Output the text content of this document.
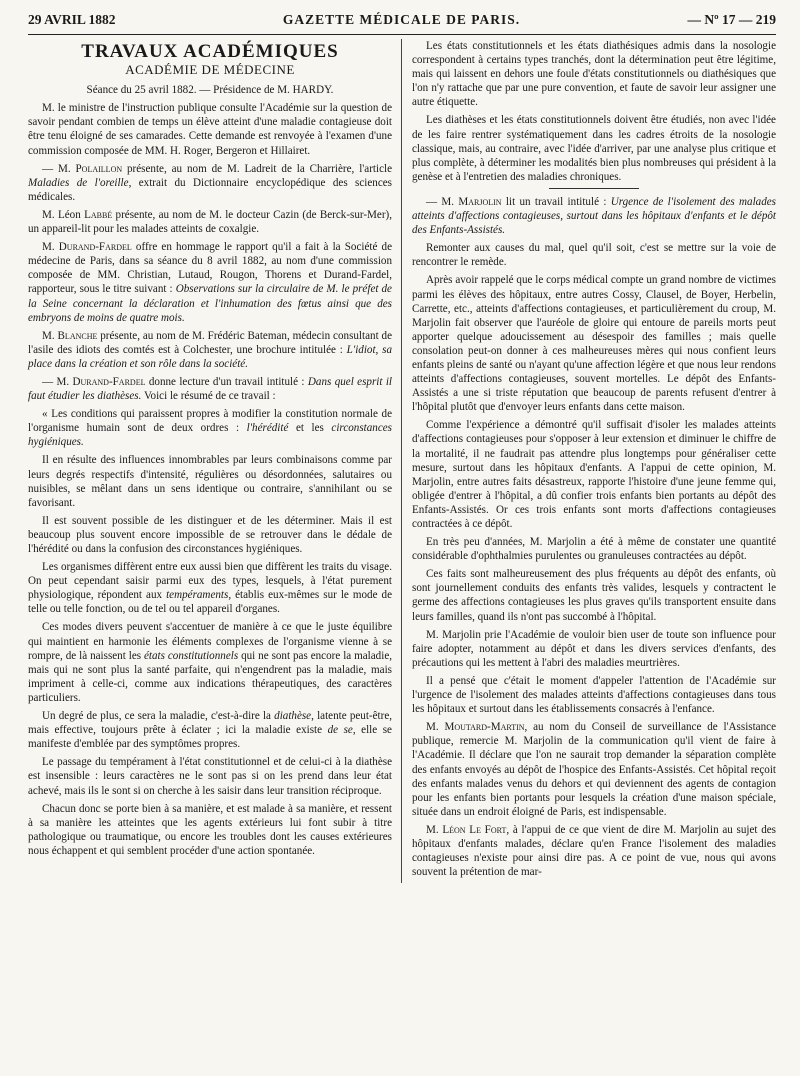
29 AVRIL 1882	GAZETTE MÉDICALE DE PARIS.	— Nº 17 — 219
TRAVAUX ACADÉMIQUES
ACADÉMIE DE MÉDECINE

Séance du 25 avril 1882. — Présidence de M. HARDY.

M. le ministre de l'instruction publique consulte l'Académie sur la question de savoir pendant combien de temps un élève atteint d'une maladie contagieuse doit être tenu éloigné de ses camarades. Cette demande est renvoyée à l'examen d'une commission composée de MM. H. Roger, Bergeron et Hillairet.

— M. Polaillon présente, au nom de M. Ladreit de la Charrière, l'article Maladies de l'oreille, extrait du Dictionnaire encyclopédique des sciences médicales.

M. Léon Labbé présente, au nom de M. le docteur Cazin (de Berck-sur-Mer), un appareil-lit pour les malades atteints de coxalgie.

M. Durand-Fardel offre en hommage le rapport qu'il a fait à la Société de médecine de Paris, dans sa séance du 8 avril 1882, au nom d'une commission composée de MM. Christian, Lutaud, Rougon, Thorens et Durand-Fardel, rapporteur, sous le titre suivant : Observations sur la circulaire de M. le préfet de la Seine concernant la déclaration et l'inhumation des fœtus ainsi que des embryons de moins de quatre mois.

M. Blanche présente, au nom de M. Frédéric Bateman, médecin consultant de l'asile des idiots des comtés est à Colchester, une brochure intitulée : L'idiot, sa place dans la création et son rôle dans la société.

— M. Durand-Fardel donne lecture d'un travail intitulé : Dans quel esprit il faut étudier les diathèses. Voici le résumé de ce travail :

« Les conditions qui paraissent propres à modifier la constitution normale de l'organisme humain sont de deux ordres : l'hérédité et les circonstances hygiéniques.

Il en résulte des influences innombrables par leurs combinaisons comme par leurs degrés respectifs d'intensité, régulières ou désordonnées, salutaires ou nuisibles, se mêlant dans un sens identique ou contraire, s'annihilant ou se favorisant.

Il est souvent possible de les distinguer et de les déterminer. Mais il est beaucoup plus souvent encore impossible de se retrouver dans le dédale de l'hérédité ou dans la confusion des circonstances hygiéniques.

Les organismes diffèrent entre eux aussi bien que diffèrent les traits du visage. On peut cependant saisir parmi eux des types, lesquels, à l'état purement physiologique, répondent aux tempéraments, établis eux-mêmes sur le mode de telle ou telle fonction, ou de tel ou tel appareil d'organes.

Ces modes divers peuvent s'accentuer de manière à ce que le juste équilibre qui maintient en harmonie les éléments complexes de l'organisme vienne à se rompre, de là naissent les états constitutionnels qui ne sont pas encore la maladie, mais qui ne sont plus la santé parfaite, qui n'engendrent pas la maladie, mais impriment à celle-ci, comme aux indications thérapeutiques, des caractères particuliers.

Un degré de plus, ce sera la maladie, c'est-à-dire la diathèse, latente peut-être, mais effective, toujours prête à éclater ; ici la maladie existe de se, elle se manifeste d'emblée par des symptômes propres.

Le passage du tempérament à l'état constitutionnel et de celui-ci à la diathèse est insensible : leurs caractères ne le sont pas si on les prend dans leur état achevé, mais ils le sont si on cherche à les saisir dans leur transition réciproque.

Chacun donc se porte bien à sa manière, et est malade à sa manière, et ressent à sa manière les atteintes que les agents extérieurs lui font subir à titre pathologique ou traumatique, ou encore les troubles dont les causes extérieures nous échappent et qui semblent procéder d'une action spontanée.

Les états constitutionnels et les états diathésiques admis dans la nosologie correspondent à certains types tranchés, dont la détermination peut être légitime, mais qui laissent en dehors une foule d'états constitutionnels ou diathésiques que l'on n'y rattache que par une pure convention, et faute de savoir leur assigner une autre étiquette.

Les diathèses et les états constitutionnels doivent être étudiés, non avec l'idée de les faire rentrer systématiquement dans les cadres étroits de la nosologie classique, mais, au contraire, avec l'idée d'arriver, par une analyse plus critique et plus complète, à déterminer les modalités bien plus nombreuses qui président à la genèse et à l'entretien des maladies chroniques.

— M. Marjolin lit un travail intitulé : Urgence de l'isolement des malades atteints d'affections contagieuses, surtout dans les hôpitaux d'enfants et le dépôt des Enfants-Assistés.

Remonter aux causes du mal, quel qu'il soit, c'est se mettre sur la voie de rencontrer le remède.

Après avoir rappelé que le corps médical compte un grand nombre de victimes parmi les élèves des hôpitaux, entre autres Cossy, Clausel, de Boyer, Herbelin, Carrette, etc., atteints d'affections contagieuses, et particulièrement du croup, M. Marjolin fait observer que l'auréole de gloire qui entoure de pareils morts peut apporter quelque adoucissement au désespoir des familles ; mais quelle consolation peut-on donner à ces malheureuses mères qui nous confient leurs enfants pleins de santé ou n'ayant qu'une affection légère et que nous leur rendons atteints d'affections contagieuses, souvent mortelles. Le dépôt des Enfants-Assistés a une si triste réputation que beaucoup de parents refusent d'entrer à l'hôpital plutôt que d'envoyer leurs enfants dans cette maison.

Comme l'expérience a démontré qu'il suffisait d'isoler les malades atteints d'affections contagieuses pour s'opposer à leur extension et diminuer le chiffre de la mortalité, il ne faudrait pas attendre plus longtemps pour généraliser cette mesure, surtout dans les hôpitaux d'enfants. A l'appui de cette opinion, M. Marjolin, entre autres faits désastreux, rapporte l'histoire d'une jeune femme qui, obligée d'entrer à l'hôpital, a dû confier trois enfants bien portants au dépôt des Enfants-Assistés. Or ces trois enfants sont morts d'affections contagieuses contractées à ce dépôt.

En très peu d'années, M. Marjolin a été à même de constater une quantité considérable d'ophthalmies purulentes ou granuleuses contractées au dépôt.

Ces faits sont malheureusement des plus fréquents au dépôt des enfants, où sont journellement conduits des enfants très valides, lesquels y contractent le germe des affections contagieuses les plus graves qu'ils transportent ensuite dans leurs familles, quand ils n'ont pas succombé à l'hôpital.

M. Marjolin prie l'Académie de vouloir bien user de toute son influence pour faire adopter, notamment au dépôt et dans les divers services d'enfants, des précautions qui les mettent à l'abri des maladies meurtrières.

Il a pensé que c'était le moment d'appeler l'attention de l'Académie sur l'urgence de l'isolement des malades atteints d'affections contagieuses dans tous les hôpitaux et surtout dans les établissements consacrés à l'enfance.

M. Moutard-Martin, au nom du Conseil de surveillance de l'Assistance publique, remercie M. Marjolin de la communication qu'il vient de faire à l'Académie. Il déclare que l'on ne saurait trop demander la séparation complète des enfants envoyés au dépôt de l'hospice des Enfants-Assistés. Cet hôpital reçoit des enfants malades venus du dehors et qui deviennent des agents de contagion pour les enfants bien portants pour lesquels la création d'une maison spéciale, située dans un endroit éloigné de Paris, est indispensable.

M. Léon Le Fort, à l'appui de ce que vient de dire M. Marjolin au sujet des hôpitaux d'enfants malades, déclare qu'en France l'isolement des maladies contagieuses n'existe pour ainsi dire pas. A ce point de vue, nous qui avons souvent la prétention de mar-
